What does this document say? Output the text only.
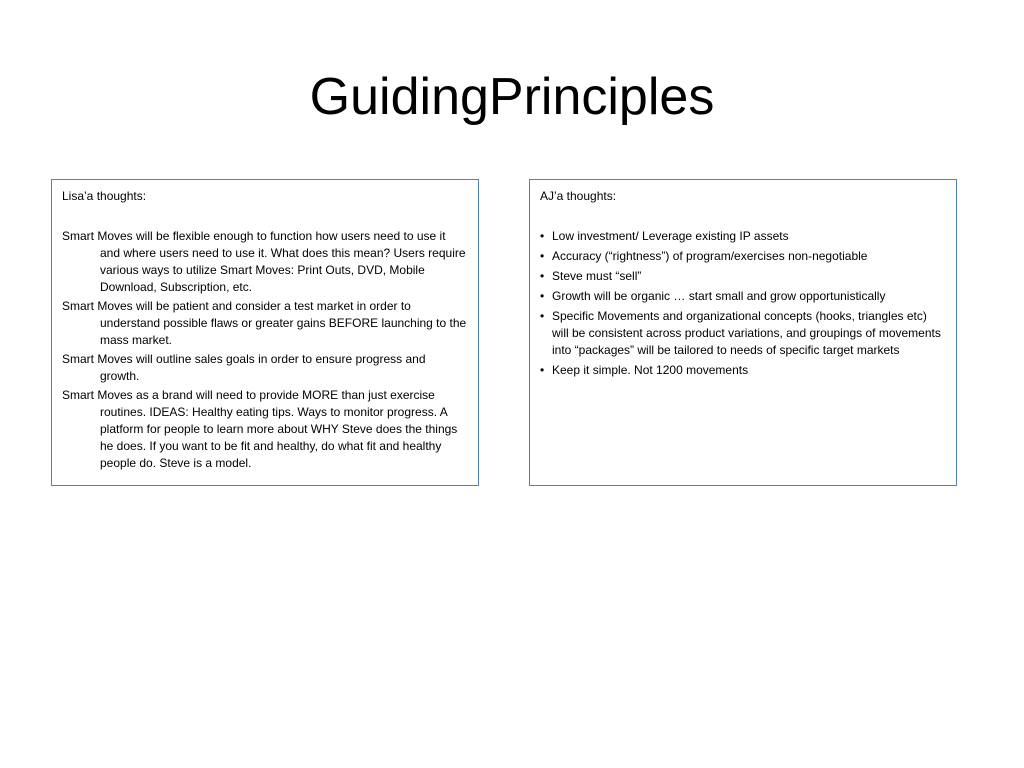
GuidingPrinciples
Lisa’a thoughts:
Smart Moves will be flexible enough to function how users need to use it and where users need to use it. What does this mean? Users require various ways to utilize Smart Moves: Print Outs, DVD, Mobile Download, Subscription, etc.
Smart Moves will be patient and consider a test market in order to understand possible flaws or greater gains BEFORE launching to the mass market.
Smart Moves will outline sales goals in order to ensure progress and growth.
Smart Moves as a brand will need to provide MORE than just exercise routines. IDEAS: Healthy eating tips. Ways to monitor progress. A platform for people to learn more about WHY Steve does the things he does. If you want to be fit and healthy, do what fit and healthy people do. Steve is a model.
AJ’a thoughts:
• Low investment/ Leverage existing IP assets
• Accuracy (“rightness”) of program/exercises non-negotiable
• Steve must “sell”
• Growth will be organic … start small and grow opportunistically
• Specific Movements and organizational concepts (hooks, triangles etc) will be consistent across product variations, and groupings of movements into “packages” will be tailored to needs of specific target markets
• Keep it simple. Not 1200 movements
